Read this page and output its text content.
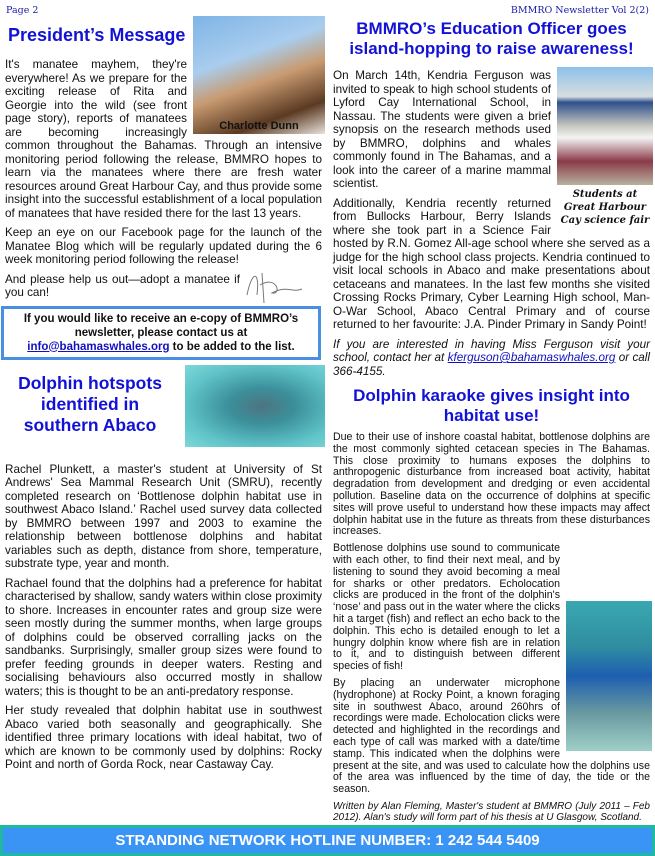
Page 2	BMMRO Newsletter Vol 2(2)
Charlotte Dunn
President’s Message

It's manatee mayhem, they're everywhere! As we prepare for the exciting release of Rita and Georgie into the wild (see front page story), reports of manatees are becoming increasingly common throughout the Bahamas. Through an intensive monitoring period following the release, BMMRO hopes to learn via the manatees where there are fresh water resources around Great Harbour Cay, and thus provide some insight into the successful establishment of a local population of manatees that have resided there for the last 13 years.

Keep an eye on our Facebook page for the launch of the Manatee Blog which will be regularly updated during the 6 week monitoring period following the release!

And please help us out—adopt a manatee if you can!

If you would like to receive an e-copy of BMMRO’s newsletter, please contact us at
info@bahamaswhales.org to be added to the list.
Dolphin hotspots identified in southern Abaco

Rachel Plunkett, a master's student at University of St Andrews' Sea Mammal Research Unit (SMRU), recently completed research on ‘Bottlenose dolphin habitat use in southwest Abaco Island.’ Rachel used survey data collected by BMMRO between 1997 and 2003 to examine the relationship between bottlenose dolphins and habitat variables such as depth, distance from shore, temperature, substrate type, year and month.

Rachael found that the dolphins had a preference for habitat characterised by shallow, sandy waters within close proximity to shore. Increases in encounter rates and group size were seen mostly during the summer months, when large groups of dolphins could be observed corralling jacks on the sandbanks. Surprisingly, smaller group sizes were found to prefer feeding grounds in deeper waters. Resting and socialising behaviours also occurred mostly in shallow waters; this is thought to be an anti-predatory response.

Her study revealed that dolphin habitat use in southwest Abaco varied both seasonally and geographically. She identified three primary locations with ideal habitat, two of which are known to be commonly used by dolphins: Rocky Point and north of Gorda Rock, near Castaway Cay.

BMMRO’s Education Officer goes island-hopping to raise awareness!
Students at Great Harbour Cay science fair

On March 14th, Kendria Ferguson was invited to speak to high school students of Lyford Cay International School, in Nassau. The students were given a brief synopsis on the research methods used by BMMRO, dolphins and whales commonly found in The Bahamas, and a look into the career of a marine mammal scientist.

Additionally, Kendria recently returned from Bullocks Harbour, Berry Islands where she took part in a Science Fair hosted by R.N. Gomez All-age school where she served as a judge for the high school class projects. Kendria continued to visit local schools in Abaco and make presentations about cetaceans and manatees. In the last few months she visited Crossing Rocks Primary, Cyber Learning High school, Man-O-War School, Abaco Central Primary and of course returned to her favourite: J.A. Pinder Primary in Sandy Point!

If you are interested in having Miss Ferguson visit your school, contact her at kferguson@bahamaswhales.org or call 366-4155.

Dolphin karaoke gives insight into habitat use!

Due to their use of inshore coastal habitat, bottlenose dolphins are the most commonly sighted cetacean species in The Bahamas. This close proximity to humans exposes the dolphins to anthropogenic disturbance from increased boat activity, habitat degradation from development and dredging or even accidental pollution. Baseline data on the occurrence of dolphins at specific sites will prove useful to understand how these impacts may affect dolphin habitat use in the future as threats from these disturbances increases.

Bottlenose dolphins use sound to communicate with each other, to find their next meal, and by listening to sound they avoid becoming a meal for sharks or other predators. Echolocation clicks are produced in the front of the dolphin's ‘nose’ and pass out in the water where the clicks hit a target (fish) and reflect an echo back to the dolphin. This echo is detailed enough to let a hungry dolphin know where fish are in relation to it, and to distinguish between different species of fish!

By placing an underwater microphone (hydrophone) at Rocky Point, a known foraging site in southwest Abaco, around 260hrs of recordings were made. Echolocation clicks were detected and highlighted in the recordings and each type of call was marked with a date/time stamp. This indicated when the dolphins were present at the site, and was used to calculate how the dolphins use of the area was influenced by the time of day, the tide or the season.

Written by Alan Fleming, Master's student at BMMRO (July 2011 – Feb 2012). Alan's study will form part of his thesis at U Glasgow, Scotland.
STRANDING NETWORK HOTLINE NUMBER: 1 242 544 5409
